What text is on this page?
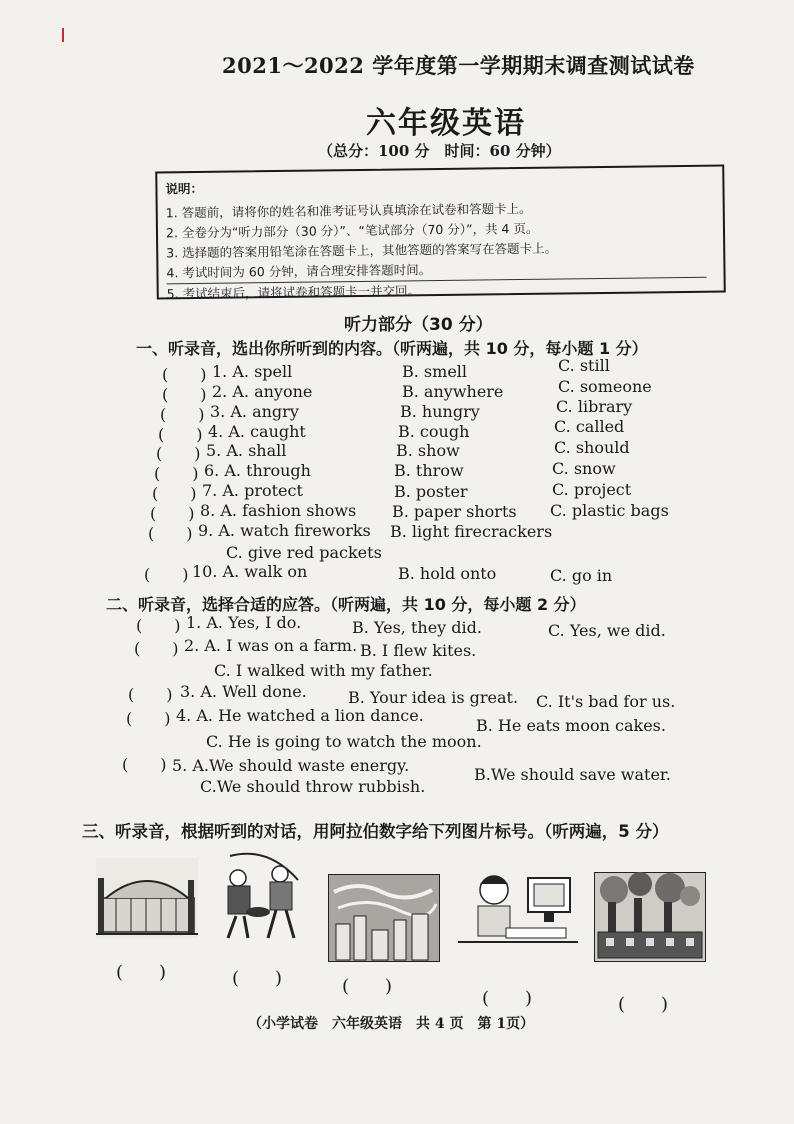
2021～2022 学年度第一学期期末调查测试试卷
六年级英语
（总分：100 分　时间：60 分钟）
说明：
1. 答题前，请将你的姓名和准考证号认真填涂在试卷和答题卡上。
2. 全卷分为“听力部分（30 分）”、“笔试部分（70 分）”，共 4 页。
3. 选择题的答案用铅笔涂在答题卡上，其他答题的答案写在答题卡上。
4. 考试时间为 60 分钟，请合理安排答题时间。
5. 考试结束后，请将试卷和答题卡一并交回。
听力部分（30 分）
一、听录音，选出你所听到的内容。（听两遍，共 10 分，每小题 1 分）
(　　) 1. A. spell	B. smell	C. still
(　　) 2. A. anyone	B. anywhere	C. someone
(　　) 3. A. angry	B. hungry	C. library
(　　) 4. A. caught	B. cough	C. called
(　　) 5. A. shall	B. show	C. should
(　　) 6. A. through	B. throw	C. snow
(　　) 7. A. protect	B. poster	C. project
(　　) 8. A. fashion shows B. paper shorts C. plastic bags
(　　) 9. A. watch fireworks B. light firecrackers
C. give red packets
(　　) 10. A. walk on	B. hold onto	C. go in
二、听录音，选择合适的应答。（听两遍，共 10 分，每小题 2 分）
(　　) 1. A. Yes, I do.	B. Yes, they did.	C. Yes, we did.
(　　) 2. A. I was on a farm. B. I flew kites.
C. I walked with my father.
(　　) 3. A. Well done.	B. Your idea is great. C. It's bad for us.
(　　) 4. A. He watched a lion dance.
B. He eats moon cakes.
C. He is going to watch the moon.
(　　) 5. A.We should waste energy.	B.We should save water.
C.We should throw rubbish.
三、听录音，根据听到的对话，用阿拉伯数字给下列图片标号。（听两遍，5 分）
(　　)	(　　)	(　　)
(　　)	(　　)
（小学试卷　六年级英语　共 4 页　第 1页）
